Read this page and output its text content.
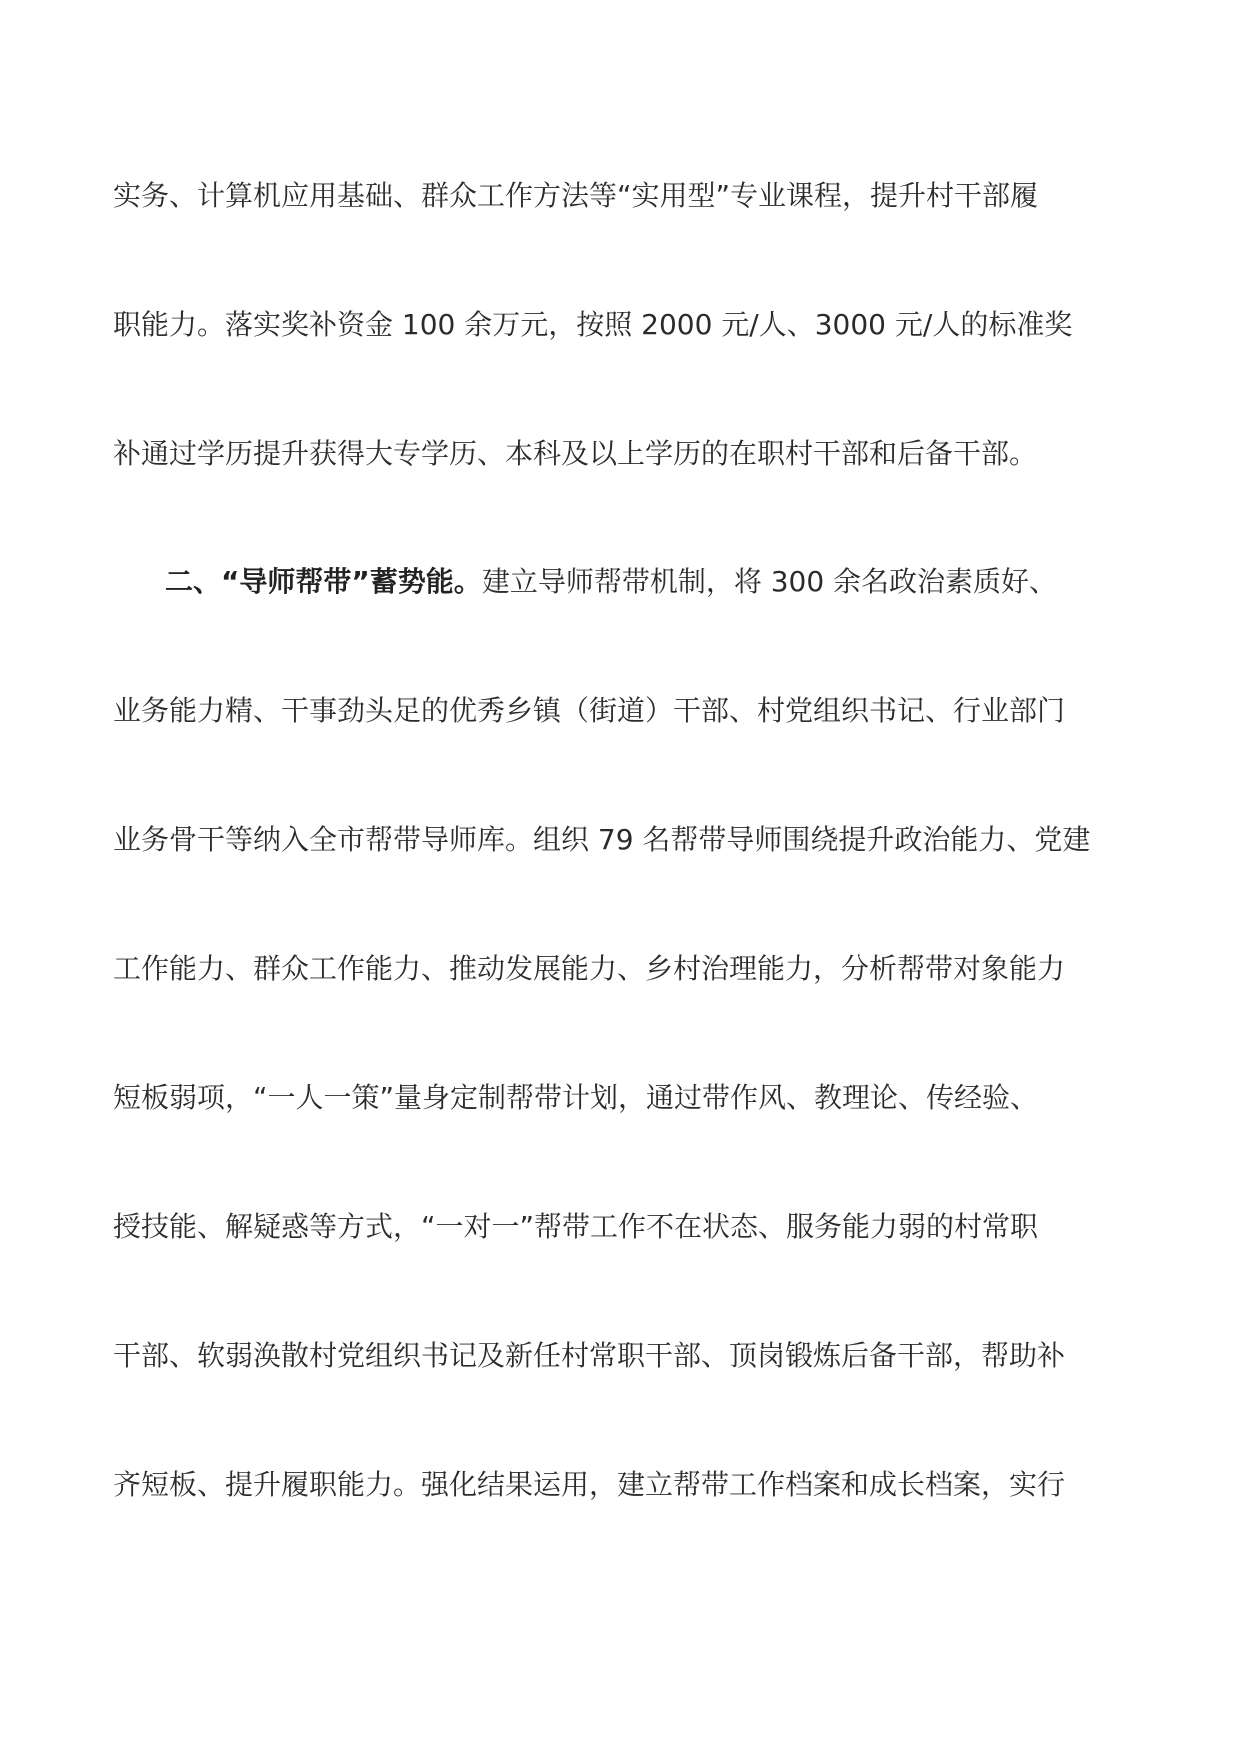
实务、计算机应用基础、群众工作方法等“实用型”专业课程，提升村干部履
职能力。落实奖补资金 100 余万元，按照 2000 元/人、3000 元/人的标准奖
补通过学历提升获得大专学历、本科及以上学历的在职村干部和后备干部。
二、“导师帮带”蓄势能。建立导师帮带机制，将 300 余名政治素质好、
业务能力精、干事劲头足的优秀乡镇（街道）干部、村党组织书记、行业部门
业务骨干等纳入全市帮带导师库。组织 79 名帮带导师围绕提升政治能力、党建
工作能力、群众工作能力、推动发展能力、乡村治理能力，分析帮带对象能力
短板弱项，“一人一策”量身定制帮带计划，通过带作风、教理论、传经验、
授技能、解疑惑等方式，“一对一”帮带工作不在状态、服务能力弱的村常职
干部、软弱涣散村党组织书记及新任村常职干部、顶岗锻炼后备干部，帮助补
齐短板、提升履职能力。强化结果运用，建立帮带工作档案和成长档案，实行
